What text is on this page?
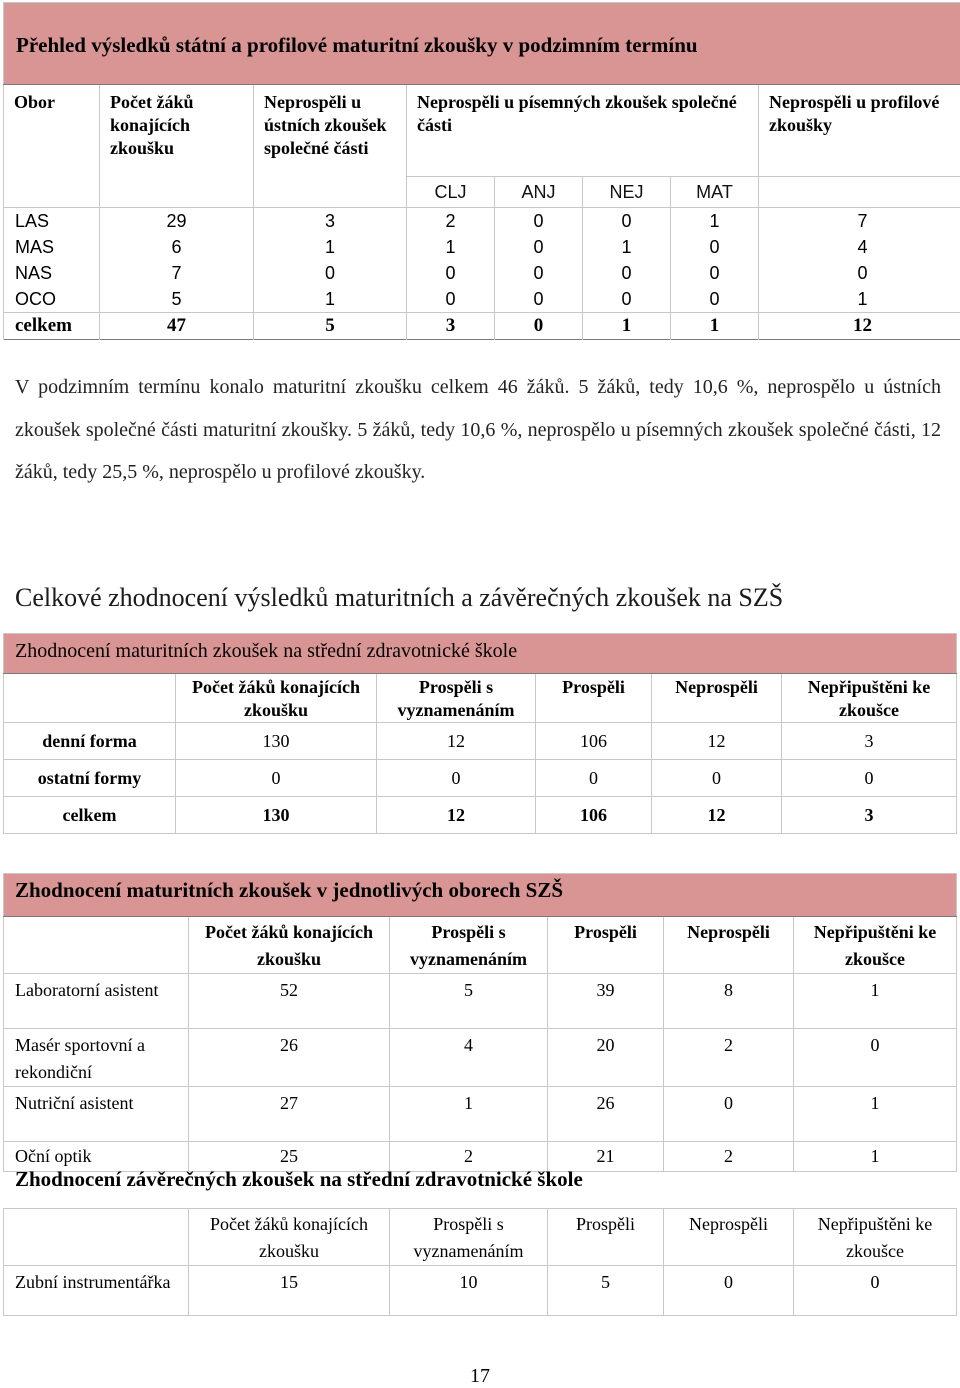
Přehled výsledků státní a profilové maturitní zkoušky v podzimním termínu							
Obor	Počet žáků konajících zkoušku	Neprospěli u ústních zkoušek společné části	Neprospěli u písemných zkoušek společné části				Neprospěli u profilové zkoušky
			CLJ	ANJ	NEJ	MAT	
LAS	29	3	2	0	0	1	7
MAS	6	1	1	0	1	0	4
NAS	7	0	0	0	0	0	0
OCO	5	1	0	0	0	0	1
celkem	47	5	3	0	1	1	12
V podzimním termínu konalo maturitní zkoušku celkem 46 žáků. 5 žáků, tedy 10,6 %, neprospělo u ústních zkoušek společné části maturitní zkoušky. 5 žáků, tedy 10,6 %, neprospělo u písemných zkoušek společné části, 12 žáků, tedy 25,5 %, neprospělo u profilové zkoušky.
Celkové zhodnocení výsledků maturitních a závěrečných zkoušek na SZŠ
Zhodnocení maturitních zkoušek na střední zdravotnické škole					
	Počet žáků konajících zkoušku	Prospěli s vyznamenáním	Prospěli	Neprospěli	Nepřipuštěni ke zkoušce
denní forma	130	12	106	12	3
ostatní formy	0	0	0	0	0
celkem	130	12	106	12	3
Zhodnocení maturitních zkoušek v jednotlivých oborech SZŠ					
	Počet žáků konajících zkoušku	Prospěli s vyznamenáním	Prospěli	Neprospěli	Nepřipuštěni ke zkoušce
Laboratorní asistent	52	5	39	8	1
Masér sportovní a rekondiční	26	4	20	2	0
Nutriční asistent	27	1	26	0	1
Oční optik	25	2	21	2	1
Zhodnocení závěrečných zkoušek na střední zdravotnické škole
	Počet žáků konajících zkoušku	Prospěli s vyznamenáním	Prospěli	Neprospěli	Nepřipuštěni ke zkoušce
Zubní instrumentářka	15	10	5	0	0
17
